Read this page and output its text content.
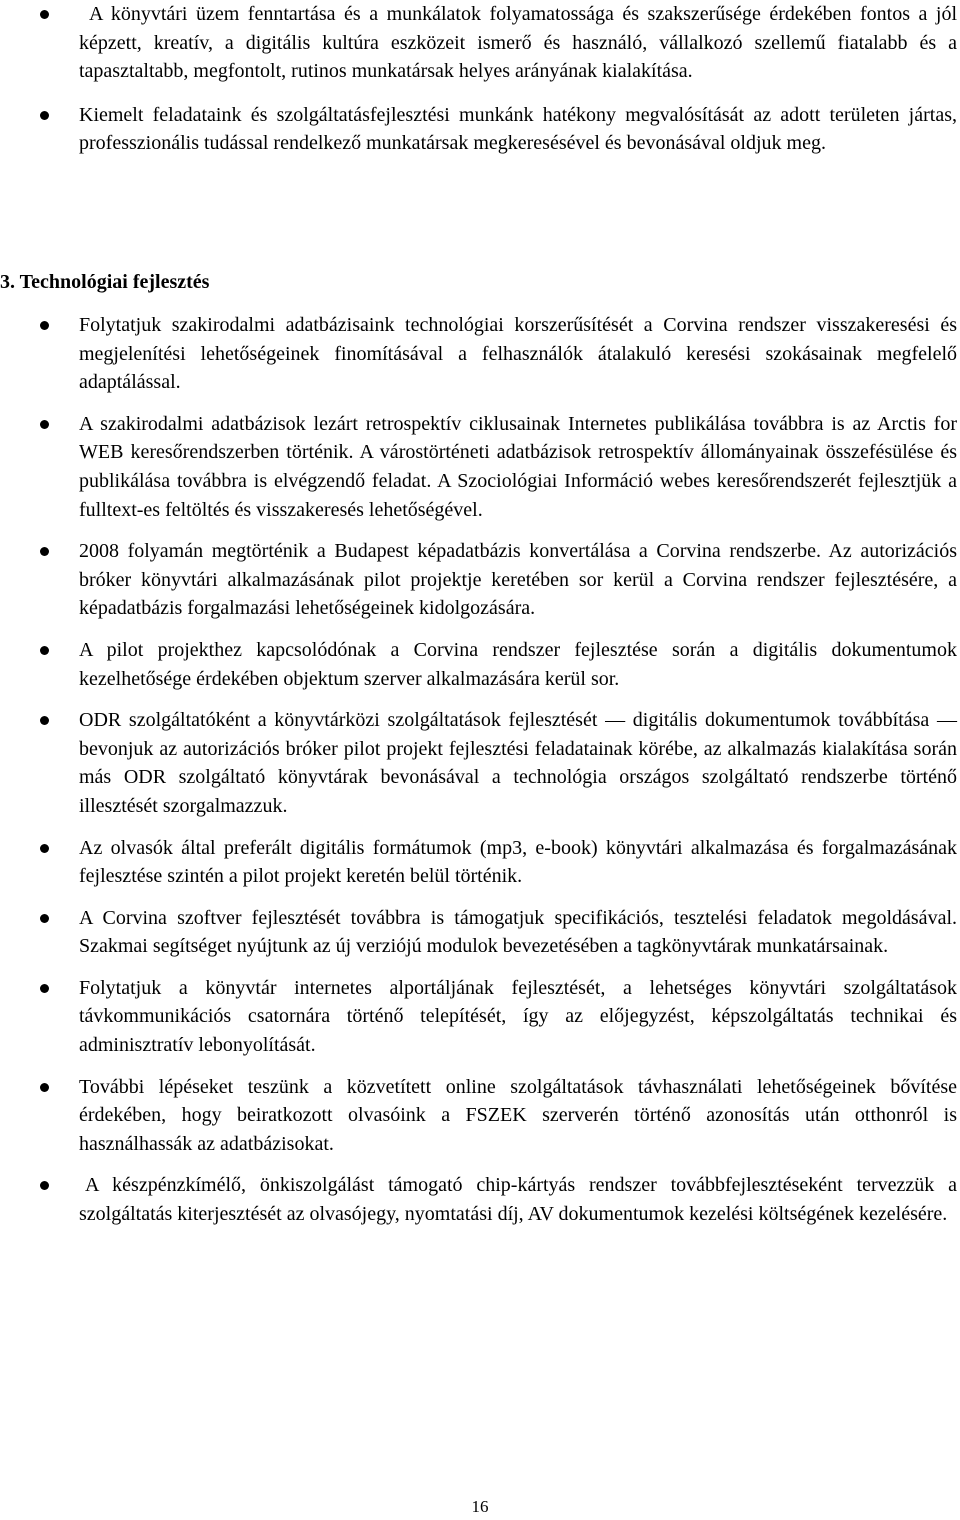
A könyvtári üzem fenntartása és a munkálatok folyamatossága és szakszerűsége érdekében fontos a jól képzett, kreatív, a digitális kultúra eszközeit ismerő és használó, vállalkozó szellemű fiatalabb és a tapasztaltabb, megfontolt, rutinos munkatársak helyes arányának kialakítása.
Kiemelt feladataink és szolgáltatásfejlesztési munkánk hatékony megvalósítását az adott területen jártas, professzionális tudással rendelkező munkatársak megkeresésével és bevonásával oldjuk meg.
3. Technológiai fejlesztés
Folytatjuk szakirodalmi adatbázisaink technológiai korszerűsítését a Corvina rendszer visszakeresési és megjelenítési lehetőségeinek finomításával a felhasználók átalakuló keresési szokásainak megfelelő adaptálással.
A szakirodalmi adatbázisok lezárt retrospektív ciklusainak Internetes publikálása továbbra is az Arctis for WEB keresőrendszerben történik. A várostörténeti adatbázisok retrospektív állományainak összefésülése és publikálása továbbra is elvégzendő feladat. A Szociológiai Információ webes keresőrendszerét fejlesztjük a fulltext-es feltöltés és visszakeresés lehetőségével.
2008 folyamán megtörténik a Budapest képadatbázis konvertálása a Corvina rendszerbe. Az autorizációs bróker könyvtári alkalmazásának pilot projektje keretében sor kerül a Corvina rendszer fejlesztésére, a képadatbázis forgalmazási lehetőségeinek kidolgozására.
A pilot projekthez kapcsolódónak a Corvina rendszer fejlesztése során a digitális dokumentumok kezelhetősége érdekében objektum szerver alkalmazására kerül sor.
ODR szolgáltatóként a könyvtárközi szolgáltatások fejlesztését — digitális dokumentumok továbbítása — bevonjuk az autorizációs bróker pilot projekt fejlesztési feladatainak körébe, az alkalmazás kialakítása során más ODR szolgáltató könyvtárak bevonásával a technológia országos szolgáltató rendszerbe történő illesztését szorgalmazzuk.
Az olvasók által preferált digitális formátumok (mp3, e-book) könyvtári alkalmazása és forgalmazásának fejlesztése szintén a pilot projekt keretén belül történik.
A Corvina szoftver fejlesztését továbbra is támogatjuk specifikációs, tesztelési feladatok megoldásával. Szakmai segítséget nyújtunk az új verziójú modulok bevezetésében a tagkönyvtárak munkatársainak.
Folytatjuk a könyvtár internetes alportáljának fejlesztését, a lehetséges könyvtári szolgáltatások távkommunikációs csatornára történő telepítését, így az előjegyzést, képszolgáltatás technikai és adminisztratív lebonyolítását.
További lépéseket teszünk a közvetített online szolgáltatások távhasználati lehetőségeinek bővítése érdekében, hogy beiratkozott olvasóink a FSZEK szerverén történő azonosítás után otthonról is használhassák az adatbázisokat.
A készpénzkímélő, önkiszolgálást támogató chip-kártyás rendszer továbbfejlesztéseként tervezzük a szolgáltatás kiterjesztését az olvasójegy, nyomtatási díj, AV dokumentumok kezelési költségének kezelésére.
16
